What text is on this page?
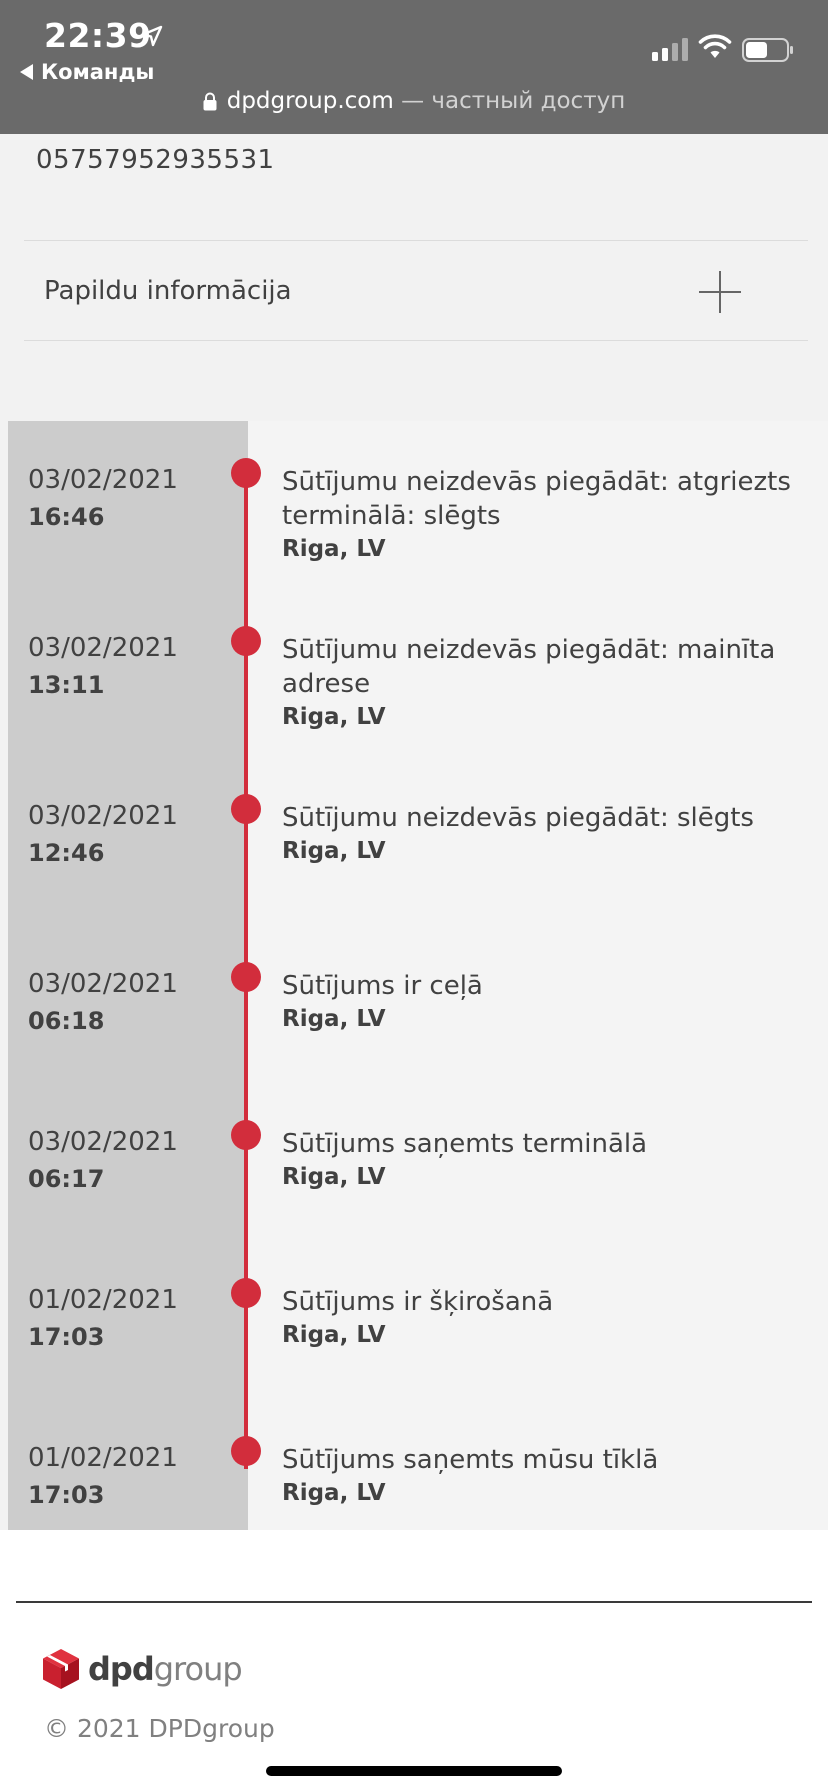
22:39
Команды
dpdgroup.com — частный доступ
05757952935531
Papildu informācija
03/02/2021
16:46
Sūtījumu neizdevās piegādāt: atgriezts terminālā: slēgts
Riga, LV
03/02/2021
13:11
Sūtījumu neizdevās piegādāt: mainīta adrese
Riga, LV
03/02/2021
12:46
Sūtījumu neizdevās piegādāt: slēgts
Riga, LV
03/02/2021
06:18
Sūtījums ir ceļā
Riga, LV
03/02/2021
06:17
Sūtījums saņemts terminālā
Riga, LV
01/02/2021
17:03
Sūtījums ir šķirošanā
Riga, LV
01/02/2021
17:03
Sūtījums saņemts mūsu tīklā
Riga, LV
dpdgroup
© 2021 DPDgroup
